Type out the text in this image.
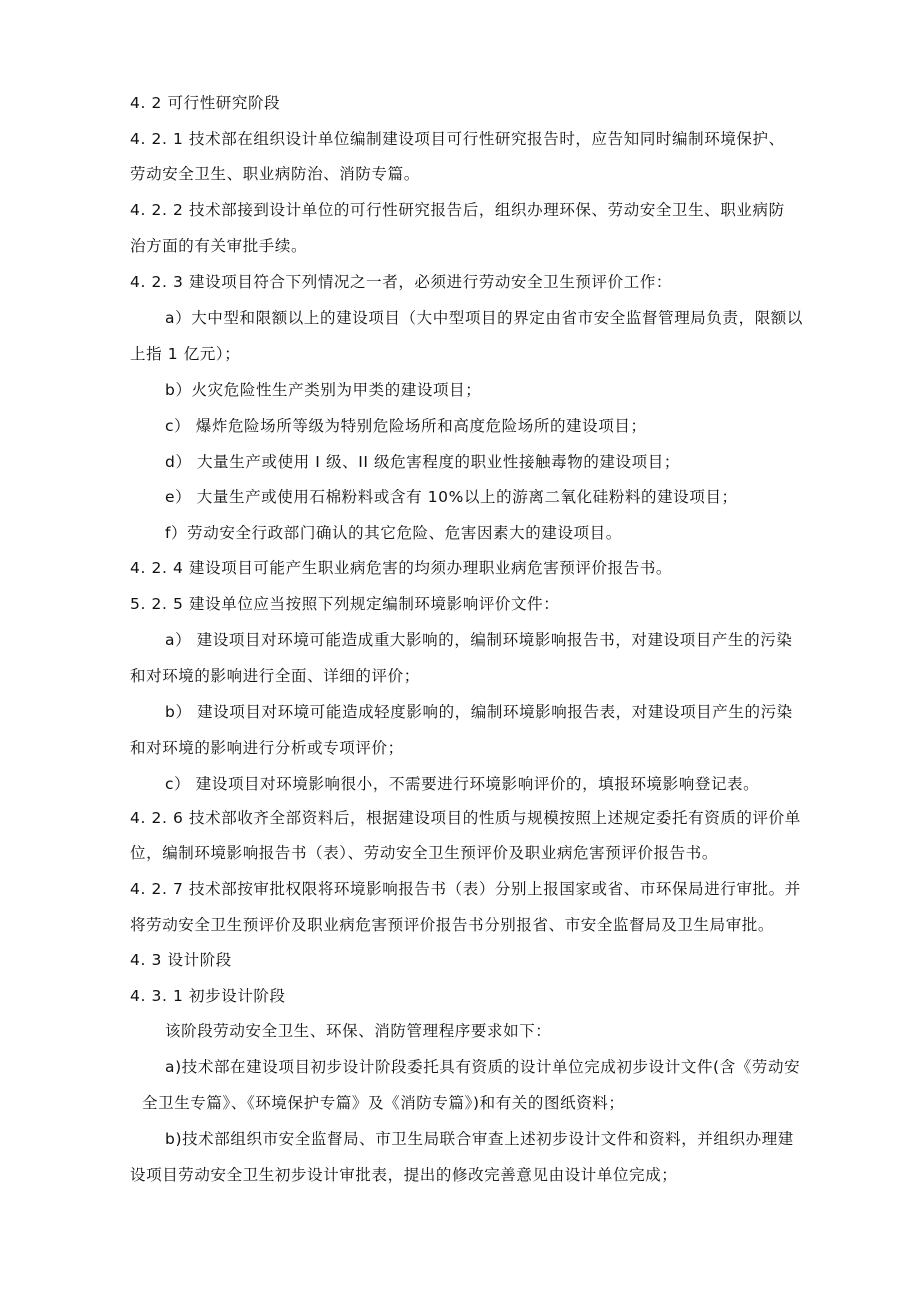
4. 2 可行性研究阶段
4. 2. 1 技术部在组织设计单位编制建设项目可行性研究报告时，应告知同时编制环境保护、
劳动安全卫生、职业病防治、消防专篇。
4. 2. 2 技术部接到设计单位的可行性研究报告后，组织办理环保、劳动安全卫生、职业病防
治方面的有关审批手续。
4. 2. 3 建设项目符合下列情况之一者，必须进行劳动安全卫生预评价工作：
a）大中型和限额以上的建设项目（大中型项目的界定由省市安全监督管理局负责，限额以
上指 1 亿元）；
b）火灾危险性生产类别为甲类的建设项目；
c） 爆炸危险场所等级为特别危险场所和高度危险场所的建设项目；
d） 大量生产或使用 I 级、II 级危害程度的职业性接触毒物的建设项目；
e） 大量生产或使用石棉粉料或含有 10%以上的游离二氧化硅粉料的建设项目；
f）劳动安全行政部门确认的其它危险、危害因素大的建设项目。
4. 2. 4 建设项目可能产生职业病危害的均须办理职业病危害预评价报告书。
5. 2. 5 建设单位应当按照下列规定编制环境影响评价文件：
a） 建设项目对环境可能造成重大影响的，编制环境影响报告书，对建设项目产生的污染
和对环境的影响进行全面、详细的评价；
b） 建设项目对环境可能造成轻度影响的，编制环境影响报告表，对建设项目产生的污染
和对环境的影响进行分析或专项评价；
c） 建设项目对环境影响很小，不需要进行环境影响评价的，填报环境影响登记表。
4. 2. 6 技术部收齐全部资料后，根据建设项目的性质与规模按照上述规定委托有资质的评价单
位，编制环境影响报告书（表）、劳动安全卫生预评价及职业病危害预评价报告书。
4. 2. 7 技术部按审批权限将环境影响报告书（表）分别上报国家或省、市环保局进行审批。并
将劳动安全卫生预评价及职业病危害预评价报告书分别报省、市安全监督局及卫生局审批。
4. 3 设计阶段
4. 3. 1 初步设计阶段
该阶段劳动安全卫生、环保、消防管理程序要求如下：
a)技术部在建设项目初步设计阶段委托具有资质的设计单位完成初步设计文件(含《劳动安
全卫生专篇》、《环境保护专篇》及《消防专篇》)和有关的图纸资料；
b)技术部组织市安全监督局、市卫生局联合审查上述初步设计文件和资料，并组织办理建
设项目劳动安全卫生初步设计审批表，提出的修改完善意见由设计单位完成；
